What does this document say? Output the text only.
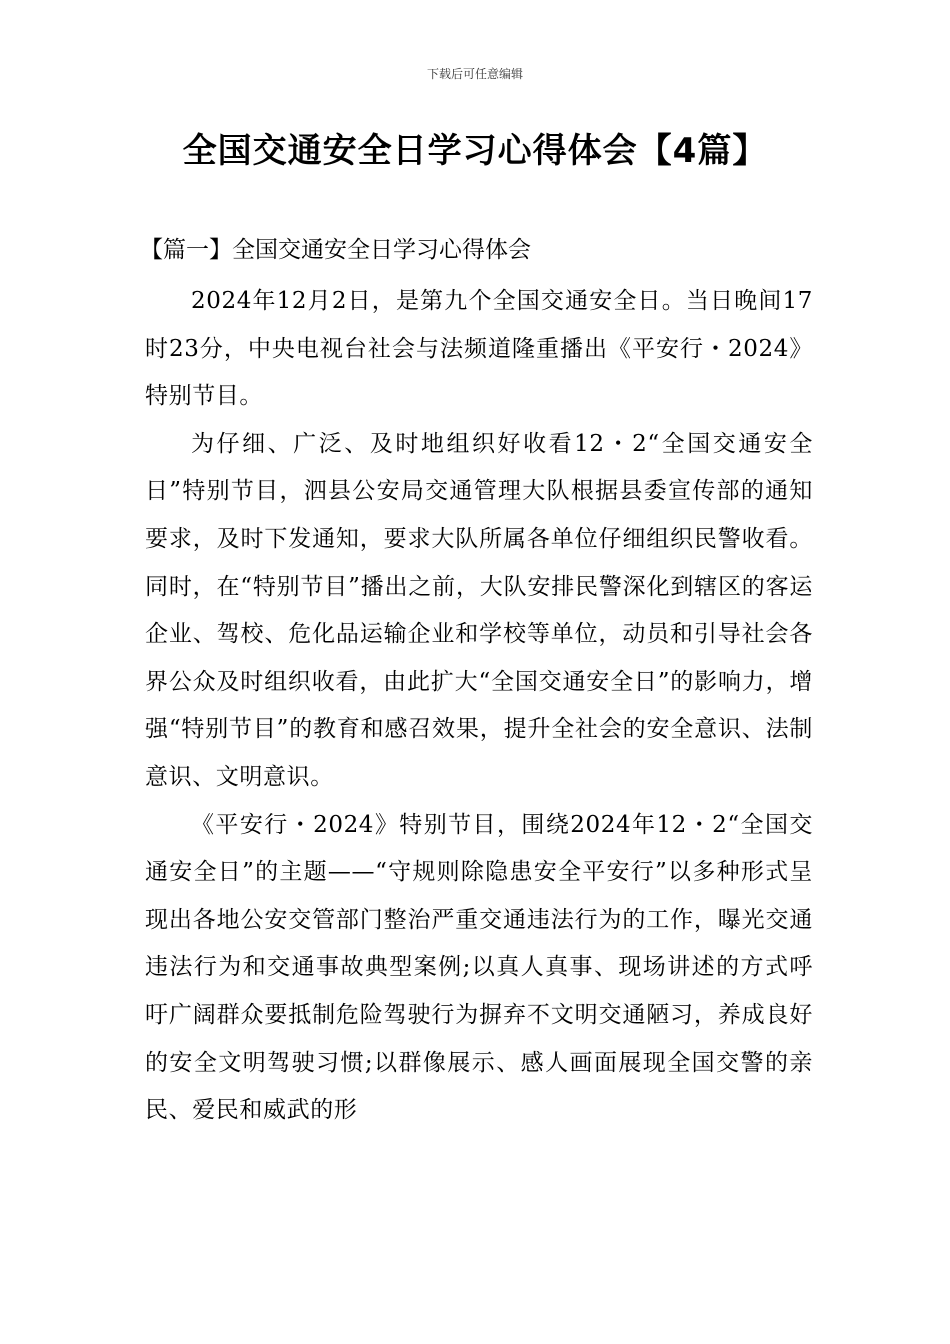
下载后可任意编辑
全国交通安全日学习心得体会【4篇】
【篇一】全国交通安全日学习心得体会

2024年12月2日，是第九个全国交通安全日。当日晚间17时23分，中央电视台社会与法频道隆重播出《平安行・2024》特别节目。

为仔细、广泛、及时地组织好收看12・2“全国交通安全日”特别节目，泗县公安局交通管理大队根据县委宣传部的通知要求，及时下发通知，要求大队所属各单位仔细组织民警收看。同时，在“特别节目”播出之前，大队安排民警深化到辖区的客运企业、驾校、危化品运输企业和学校等单位，动员和引导社会各界公众及时组织收看，由此扩大“全国交通安全日”的影响力，增强“特别节目”的教育和感召效果，提升全社会的安全意识、法制意识、文明意识。

《平安行・2024》特别节目，围绕2024年12・2“全国交通安全日”的主题——“守规则除隐患安全平安行”以多种形式呈现出各地公安交管部门整治严重交通违法行为的工作，曝光交通违法行为和交通事故典型案例;以真人真事、现场讲述的方式呼吁广阔群众要抵制危险驾驶行为摒弃不文明交通陋习，养成良好的安全文明驾驶习惯;以群像展示、感人画面展现全国交警的亲民、爱民和威武的形
